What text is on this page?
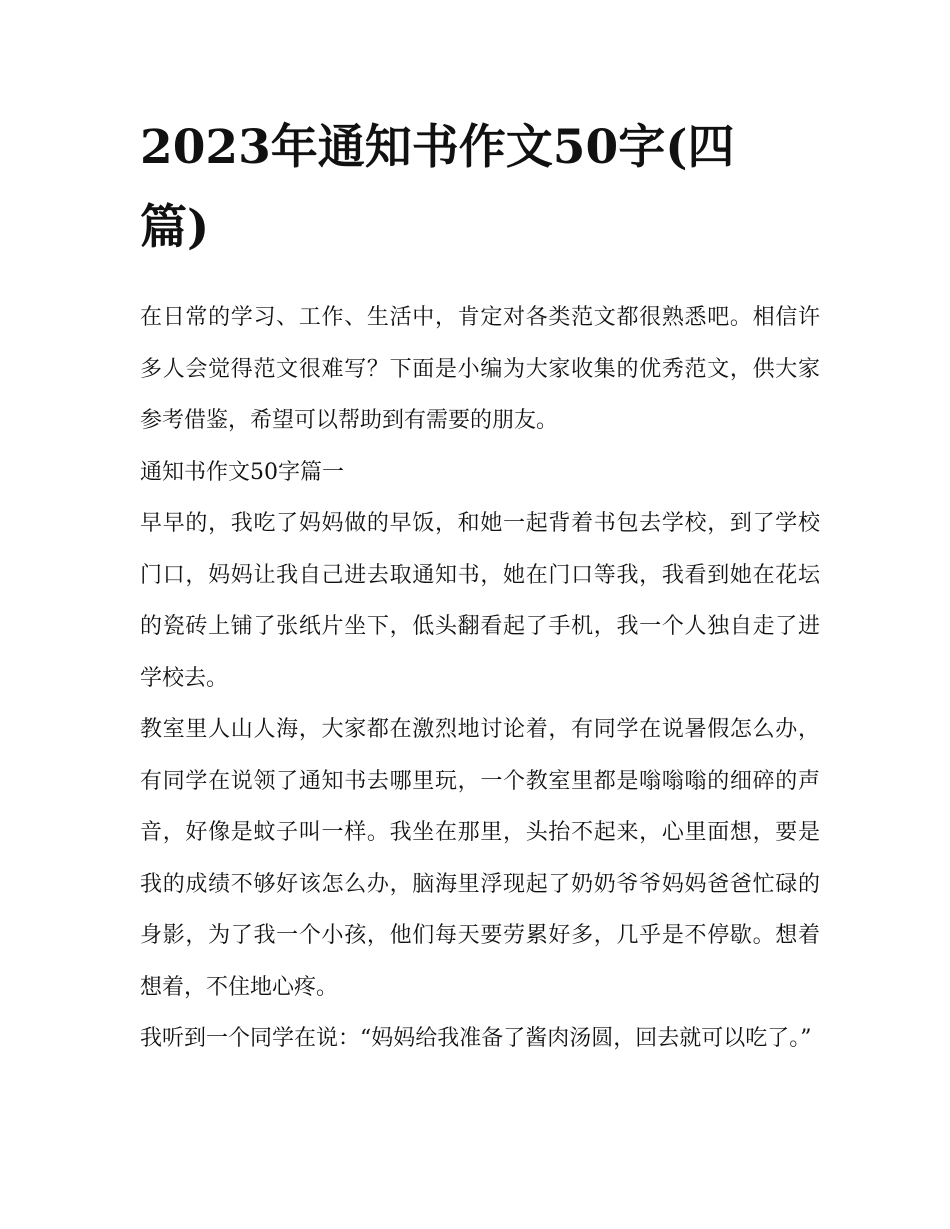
2023年通知书作文50字(四篇)

在日常的学习、工作、生活中，肯定对各类范文都很熟悉吧。相信许多人会觉得范文很难写？下面是小编为大家收集的优秀范文，供大家参考借鉴，希望可以帮助到有需要的朋友。

通知书作文50字篇一

早早的，我吃了妈妈做的早饭，和她一起背着书包去学校，到了学校门口，妈妈让我自己进去取通知书，她在门口等我，我看到她在花坛的瓷砖上铺了张纸片坐下，低头翻看起了手机，我一个人独自走了进学校去。

教室里人山人海，大家都在激烈地讨论着，有同学在说暑假怎么办，有同学在说领了通知书去哪里玩，一个教室里都是嗡嗡嗡的细碎的声音，好像是蚊子叫一样。我坐在那里，头抬不起来，心里面想，要是我的成绩不够好该怎么办，脑海里浮现起了奶奶爷爷妈妈爸爸忙碌的身影，为了我一个小孩，他们每天要劳累好多，几乎是不停歇。想着想着，不住地心疼。

我听到一个同学在说：“妈妈给我准备了酱肉汤圆，回去就可以吃了。”
